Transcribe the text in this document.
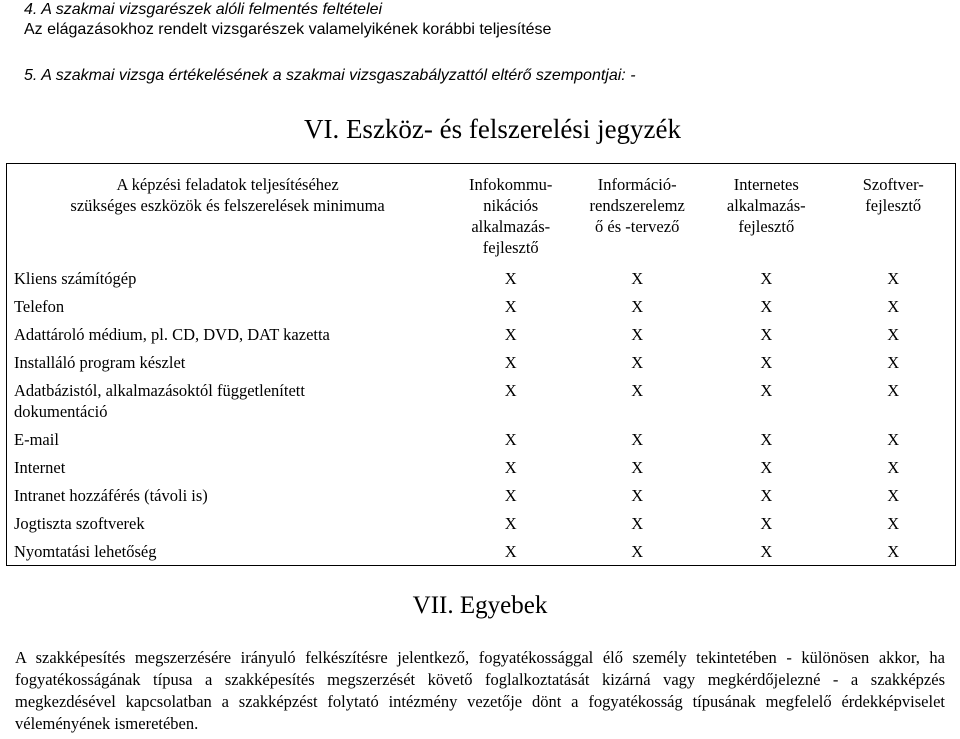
4. A szakmai vizsgarészek alóli felmentés feltételei

Az elágazásokhoz rendelt vizsgarészek valamelyikének korábbi teljesítése

5. A szakmai vizsga értékelésének a szakmai vizsgaszabályzattól eltérő szempontjai: -

VI. Eszköz- és felszerelési jegyzék
A képzési feladatok teljesítéséhez
szükséges eszközök és felszerelések minimuma	Infokommu-
nikációs
alkalmazás-
fejlesztő	Információ-
rendszerelemz
ő és -tervező	Internetes
alkalmazás-
fejlesztő	Szoftver-
fejlesztő
Kliens számítógép	X	X	X	X
Telefon	X	X	X	X
Adattároló médium, pl. CD, DVD, DAT kazetta	X	X	X	X
Installáló program készlet	X	X	X	X
Adatbázistól, alkalmazásoktól függetlenített dokumentáció	X	X	X	X
E-mail	X	X	X	X
Internet	X	X	X	X
Intranet hozzáférés (távoli is)	X	X	X	X
Jogtiszta szoftverek	X	X	X	X
Nyomtatási lehetőség	X	X	X	X
VII. Egyebek

A szakképesítés megszerzésére irányuló felkészítésre jelentkező, fogyatékossággal élő személy tekintetében - különösen akkor, ha fogyatékosságának típusa a szakképesítés megszerzését követő foglalkoztatását kizárná vagy megkérdőjelezné - a szakképzés megkezdésével kapcsolatban a szakképzést folytató intézmény vezetője dönt a fogyatékosság típusának megfelelő érdekképviselet véleményének ismeretében.
